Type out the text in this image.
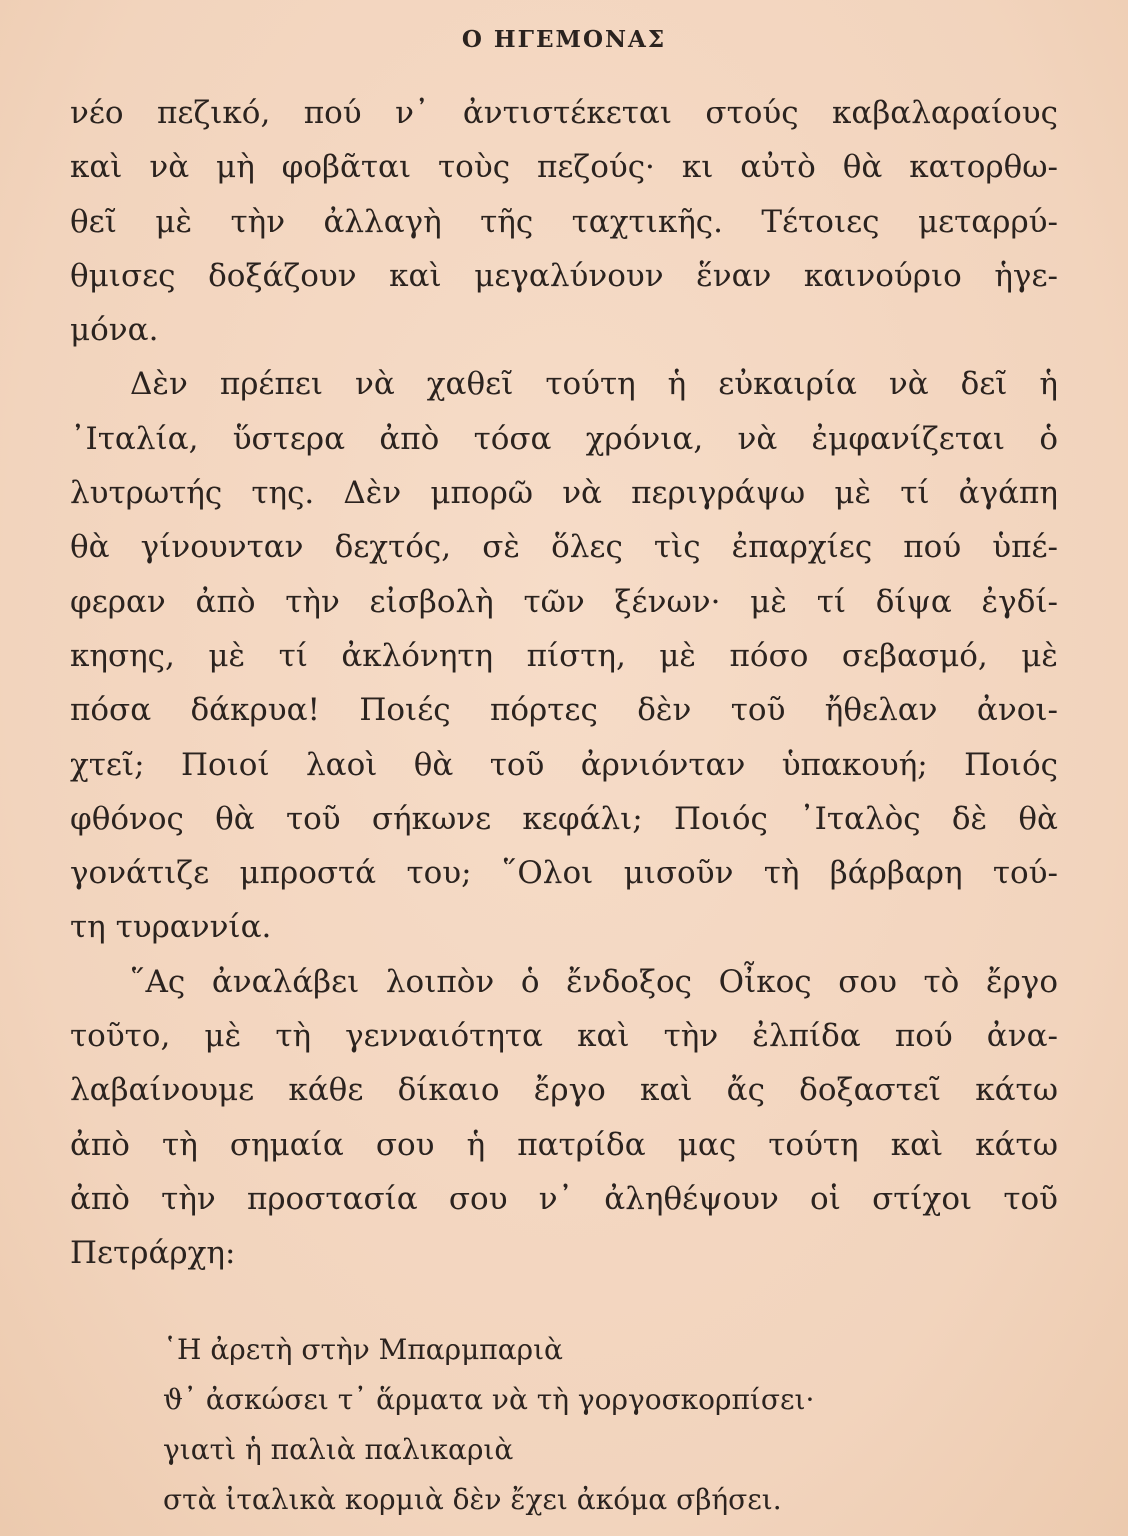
Ο ΗΓΕΜΟΝΑΣ
νέο πεζικό, πού ν᾽ ἀντιστέκεται στούς καβαλαραίους
καὶ νὰ μὴ φοβᾶται τοὺς πεζούς· κι αὐτὸ θὰ κατορθω-
θεῖ μὲ τὴν ἀλλαγὴ τῆς ταχτικῆς. Τέτοιες μεταρρύ-
θμισες δοξάζουν καὶ μεγαλύνουν ἕναν καινούριο ἡγε-
μόνα.
Δὲν πρέπει νὰ χαθεῖ τούτη ἡ εὐκαιρία νὰ δεῖ ἡ
᾿Ιταλία, ὕστερα ἀπὸ τόσα χρόνια, νὰ ἐμφανίζεται ὁ
λυτρωτής της. Δὲν μπορῶ νὰ περιγράψω μὲ τί ἀγάπη
θὰ γίνουνταν δεχτός, σὲ ὅλες τὶς ἐπαρχίες πού ὑπέ-
φεραν ἀπὸ τὴν εἰσβολὴ τῶν ξένων· μὲ τί δίψα ἐγδί-
κησης, μὲ τί ἀκλόνητη πίστη, μὲ πόσο σεβασμό, μὲ
πόσα δάκρυα! Ποιές πόρτες δὲν τοῦ ἤθελαν ἀνοι-
χτεῖ; Ποιοί λαοὶ θὰ τοῦ ἀρνιόνταν ὑπακουή; Ποιός
φθόνος θὰ τοῦ σήκωνε κεφάλι; Ποιός ᾿Ιταλὸς δὲ θὰ
γονάτιζε μπροστά του; ῞Ολοι μισοῦν τὴ βάρβαρη τού-
τη τυραννία.
῞Ας ἀναλάβει λοιπὸν ὁ ἔνδοξος Οἶκος σου τὸ ἔργο
τοῦτο, μὲ τὴ γενναιότητα καὶ τὴν ἐλπίδα πού ἀνα-
λαβαίνουμε κάθε δίκαιο ἔργο καὶ ἄς δοξαστεῖ κάτω
ἀπὸ τὴ σημαία σου ἡ πατρίδα μας τούτη καὶ κάτω
ἀπὸ τὴν προστασία σου ν᾽ ἀληθέψουν οἱ στίχοι τοῦ
Πετράρχη:
῾Η ἀρετὴ στὴν Μπαρμπαριὰ
ϑ᾽ ἀσκώσει τ᾽ ἅρματα νὰ τὴ γοργοσκορπίσει·
γιατὶ ἡ παλιὰ παλικαριὰ
στὰ ἰταλικὰ κορμιὰ δὲν ἔχει ἀκόμα σβήσει.
